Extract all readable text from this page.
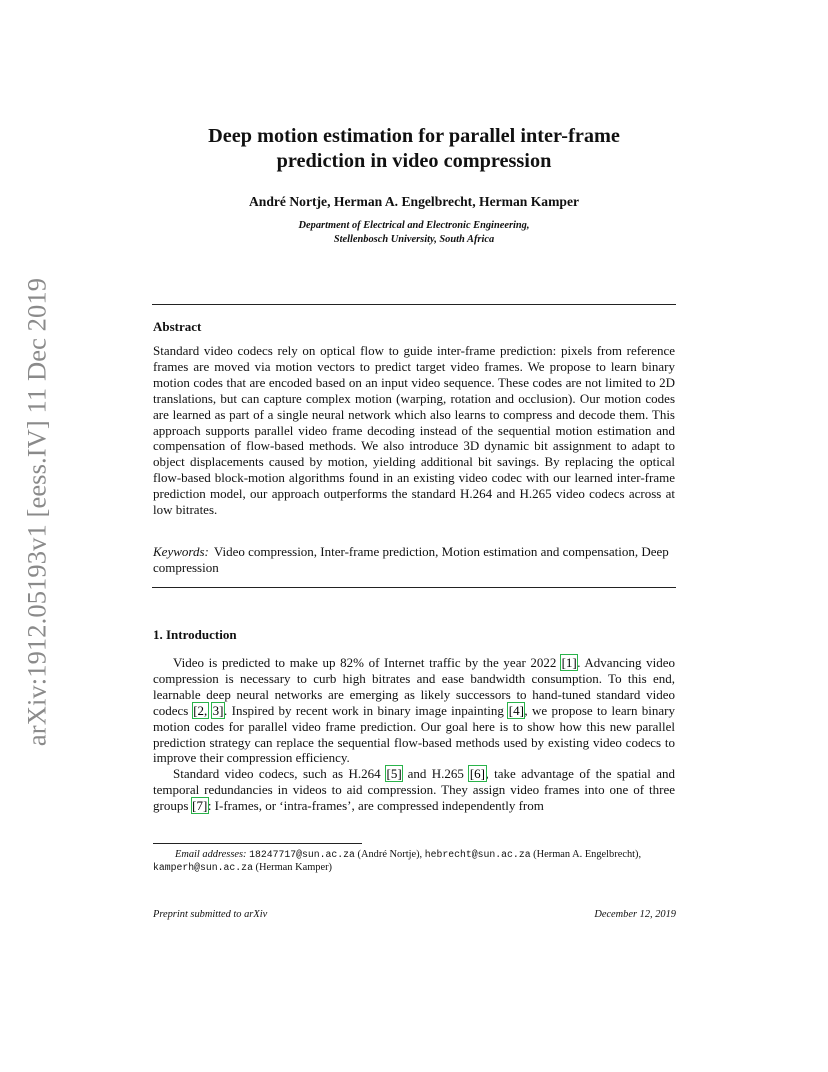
arXiv:1912.05193v1 [eess.IV] 11 Dec 2019
Deep motion estimation for parallel inter-frame
prediction in video compression
André Nortje, Herman A. Engelbrecht, Herman Kamper
Department of Electrical and Electronic Engineering,
Stellenbosch University, South Africa
Abstract
Standard video codecs rely on optical flow to guide inter-frame prediction: pixels from reference frames are moved via motion vectors to predict target video frames. We propose to learn binary motion codes that are encoded based on an input video sequence. These codes are not limited to 2D translations, but can capture complex motion (warping, rotation and occlusion). Our motion codes are learned as part of a single neural network which also learns to compress and decode them. This approach supports parallel video frame decoding instead of the sequential motion estimation and compensation of flow-based methods. We also introduce 3D dynamic bit assignment to adapt to object displacements caused by motion, yielding additional bit savings. By replacing the optical flow-based block-motion algorithms found in an existing video codec with our learned inter-frame prediction model, our approach outperforms the standard H.264 and H.265 video codecs across at low bitrates.
Keywords: Video compression, Inter-frame prediction, Motion estimation and compensation, Deep compression
1. Introduction

Video is predicted to make up 82% of Internet traffic by the year 2022 [1]. Advancing video compression is necessary to curb high bitrates and ease bandwidth consumption. To this end, learnable deep neural networks are emerging as likely successors to hand-tuned standard video codecs [2, 3]. Inspired by recent work in binary image inpainting [4], we propose to learn binary motion codes for parallel video frame prediction. Our goal here is to show how this new parallel prediction strategy can replace the sequential flow-based methods used by existing video codecs to improve their compression efficiency.

Standard video codecs, such as H.264 [5] and H.265 [6], take advantage of the spatial and temporal redundancies in videos to aid compression. They assign video frames into one of three groups [7]: I-frames, or ‘intra-frames’, are compressed independently from

Email addresses: 18247717@sun.ac.za (André Nortje), hebrecht@sun.ac.za (Herman A. Engelbrecht), kamperh@sun.ac.za (Herman Kamper)
Preprint submitted to arXiv	December 12, 2019
